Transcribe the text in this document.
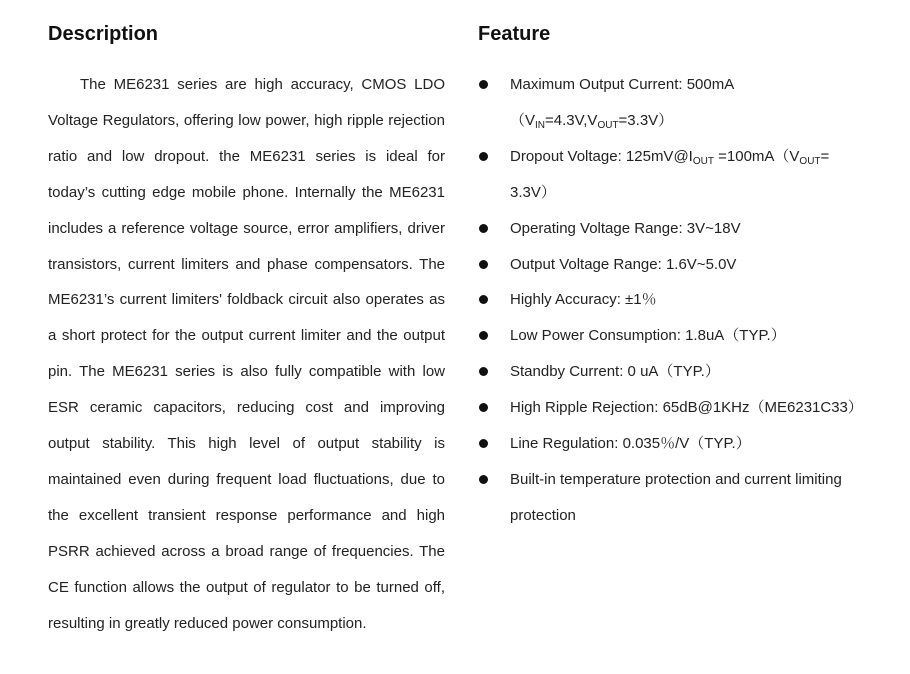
Description

The ME6231 series are high accuracy, CMOS LDO Voltage Regulators, offering low power, high ripple rejection ratio and low dropout. the ME6231 series is ideal for today’s cutting edge mobile phone. Internally the ME6231 includes a reference voltage source, error amplifiers, driver transistors, current limiters and phase compensators. The ME6231’s current limiters' foldback circuit also operates as a short protect for the output current limiter and the output pin. The ME6231 series is also fully compatible with low ESR ceramic capacitors, reducing cost and improving output stability. This high level of output stability is maintained even during frequent load fluctuations, due to the excellent transient response performance and high PSRR achieved across a broad range of frequencies. The CE function allows the output of regulator to be turned off, resulting in greatly reduced power consumption.

Feature
Maximum Output Current: 500mA
$(V_{IN}=4.3V,V_{OUT}=3.3V)$
Dropout Voltage: $125mV@I_{OUT} =100mA(V_{OUT}=$
3.3V）
Operating Voltage Range: 3V~18V
Output Voltage Range: 1.6V~5.0V
Highly Accuracy: ±1％
Low Power Consumption: 1.8uA（TYP.）
Standby Current: 0 uA（TYP.）
High Ripple Rejection: 65dB@1KHz（ME6231C33）
Line Regulation: 0.035％/V（TYP.）
Built-in temperature protection and current limiting
protection
